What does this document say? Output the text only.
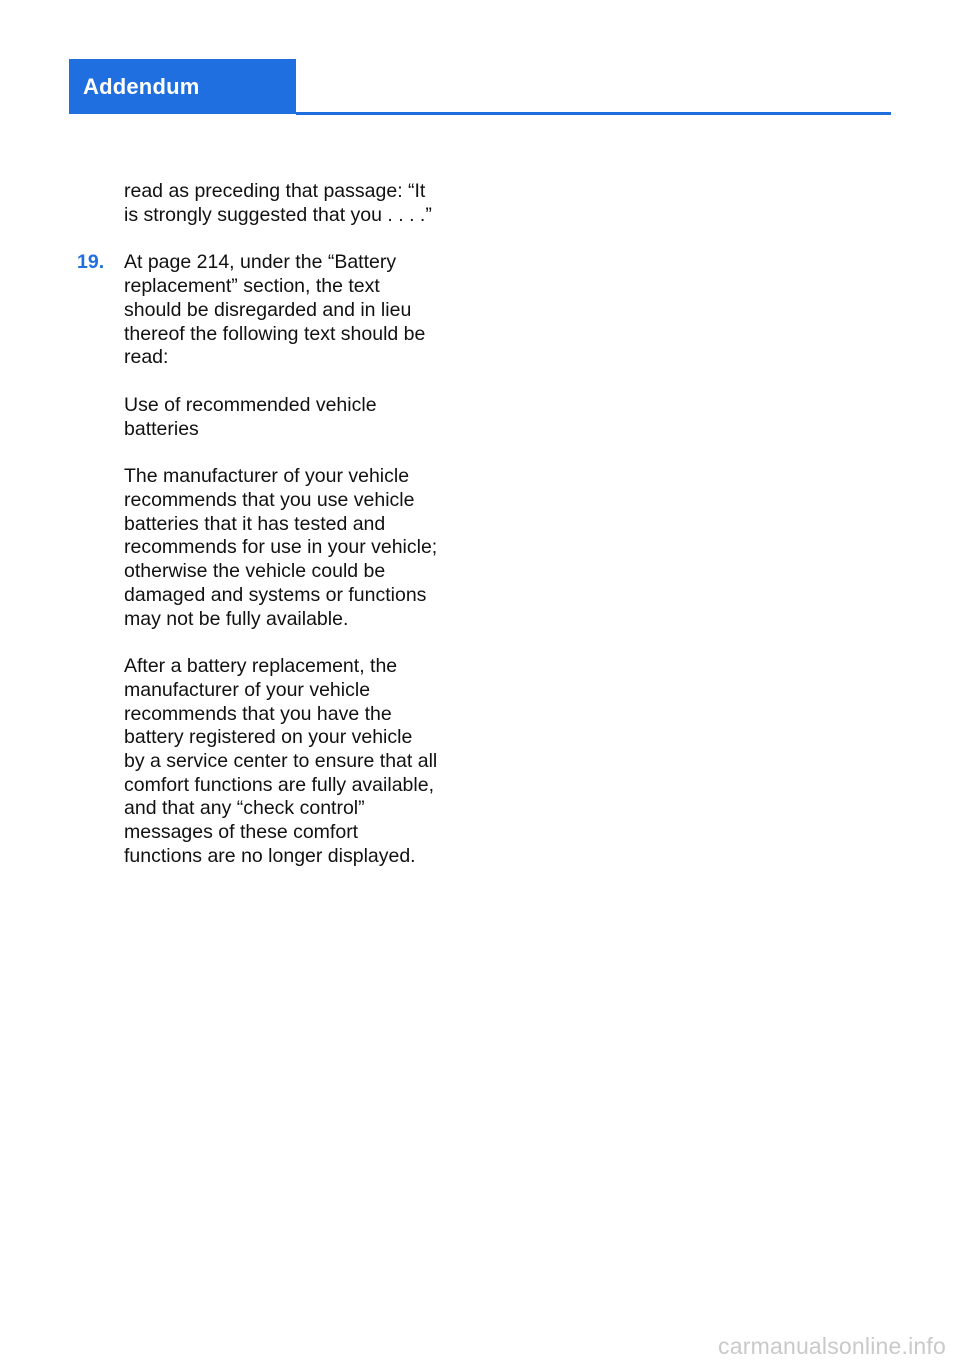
Addendum

read as preceding that passage: “It
is strongly suggested that you . . . .”

19.	At page 214, under the “Battery
replacement” section, the text
should be disregarded and in lieu
thereof the following text should be
read:

Use of recommended vehicle
batteries

The manufacturer of your vehicle
recommends that you use vehicle
batteries that it has tested and
recommends for use in your vehicle;
otherwise the vehicle could be
damaged and systems or functions
may not be fully available.

After a battery replacement, the
manufacturer of your vehicle
recommends that you have the
battery registered on your vehicle
by a service center to ensure that all
comfort functions are fully available,
and that any “check control”
messages of these comfort
functions are no longer displayed.

carmanualsonline.info
